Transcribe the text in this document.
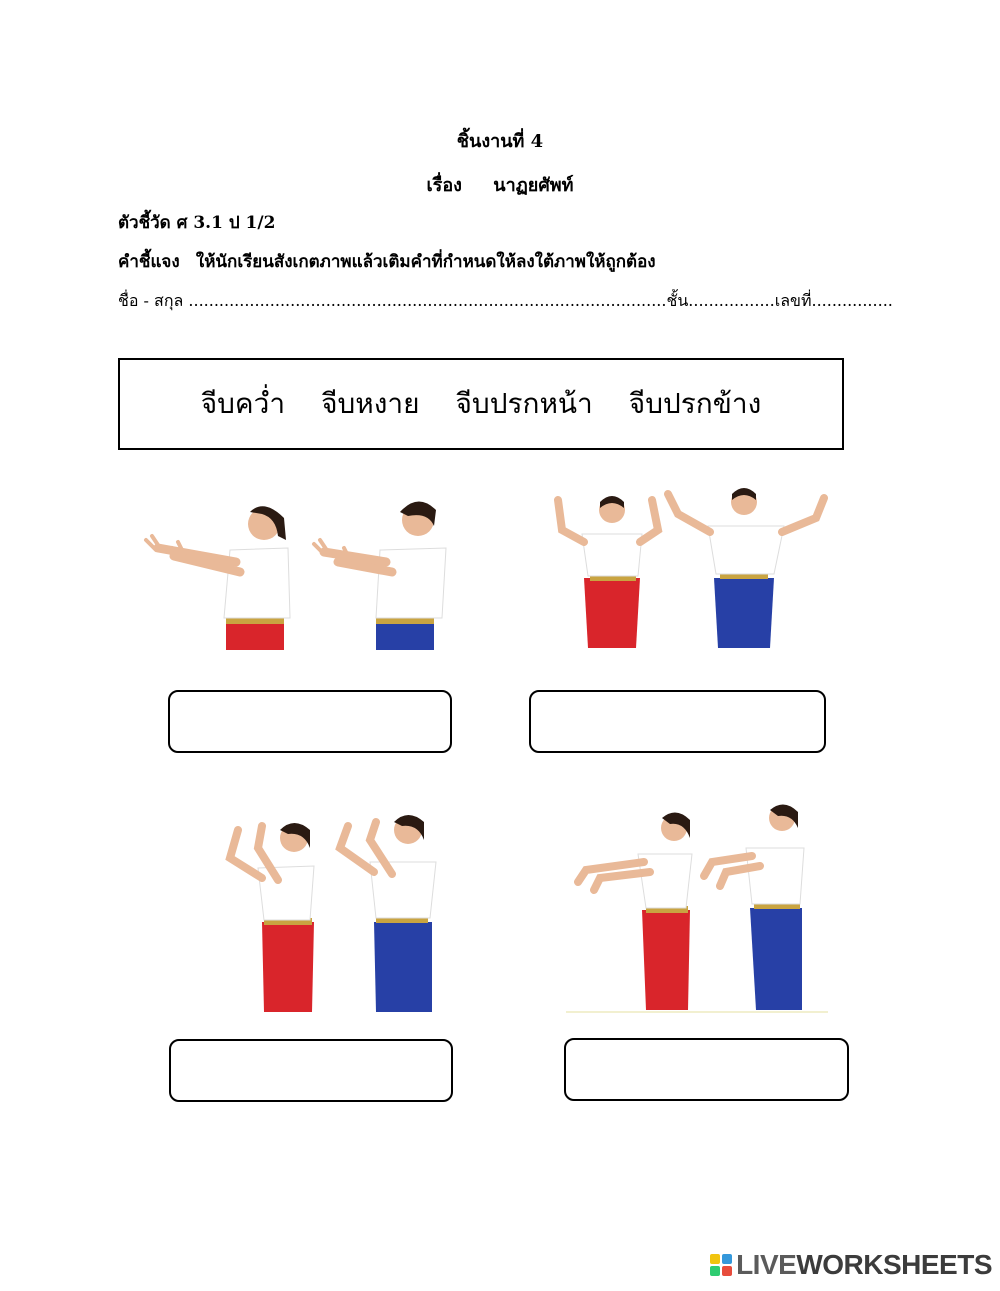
ชิ้นงานที่ 4
เรื่อง นาฏยศัพท์
ตัวชี้วัด ศ 3.1 ป 1/2
คำชี้แจง ให้นักเรียนสังเกตภาพแล้วเติมคำที่กำหนดให้ลงใต้ภาพให้ถูกต้อง
ชื่อ - สกุล ..............................................................................................ชั้น.................เลขที่................
จีบคว่ำ จีบหงาย จีบปรกหน้า จีบปรกข้าง
LIVE WORKSHEETS
